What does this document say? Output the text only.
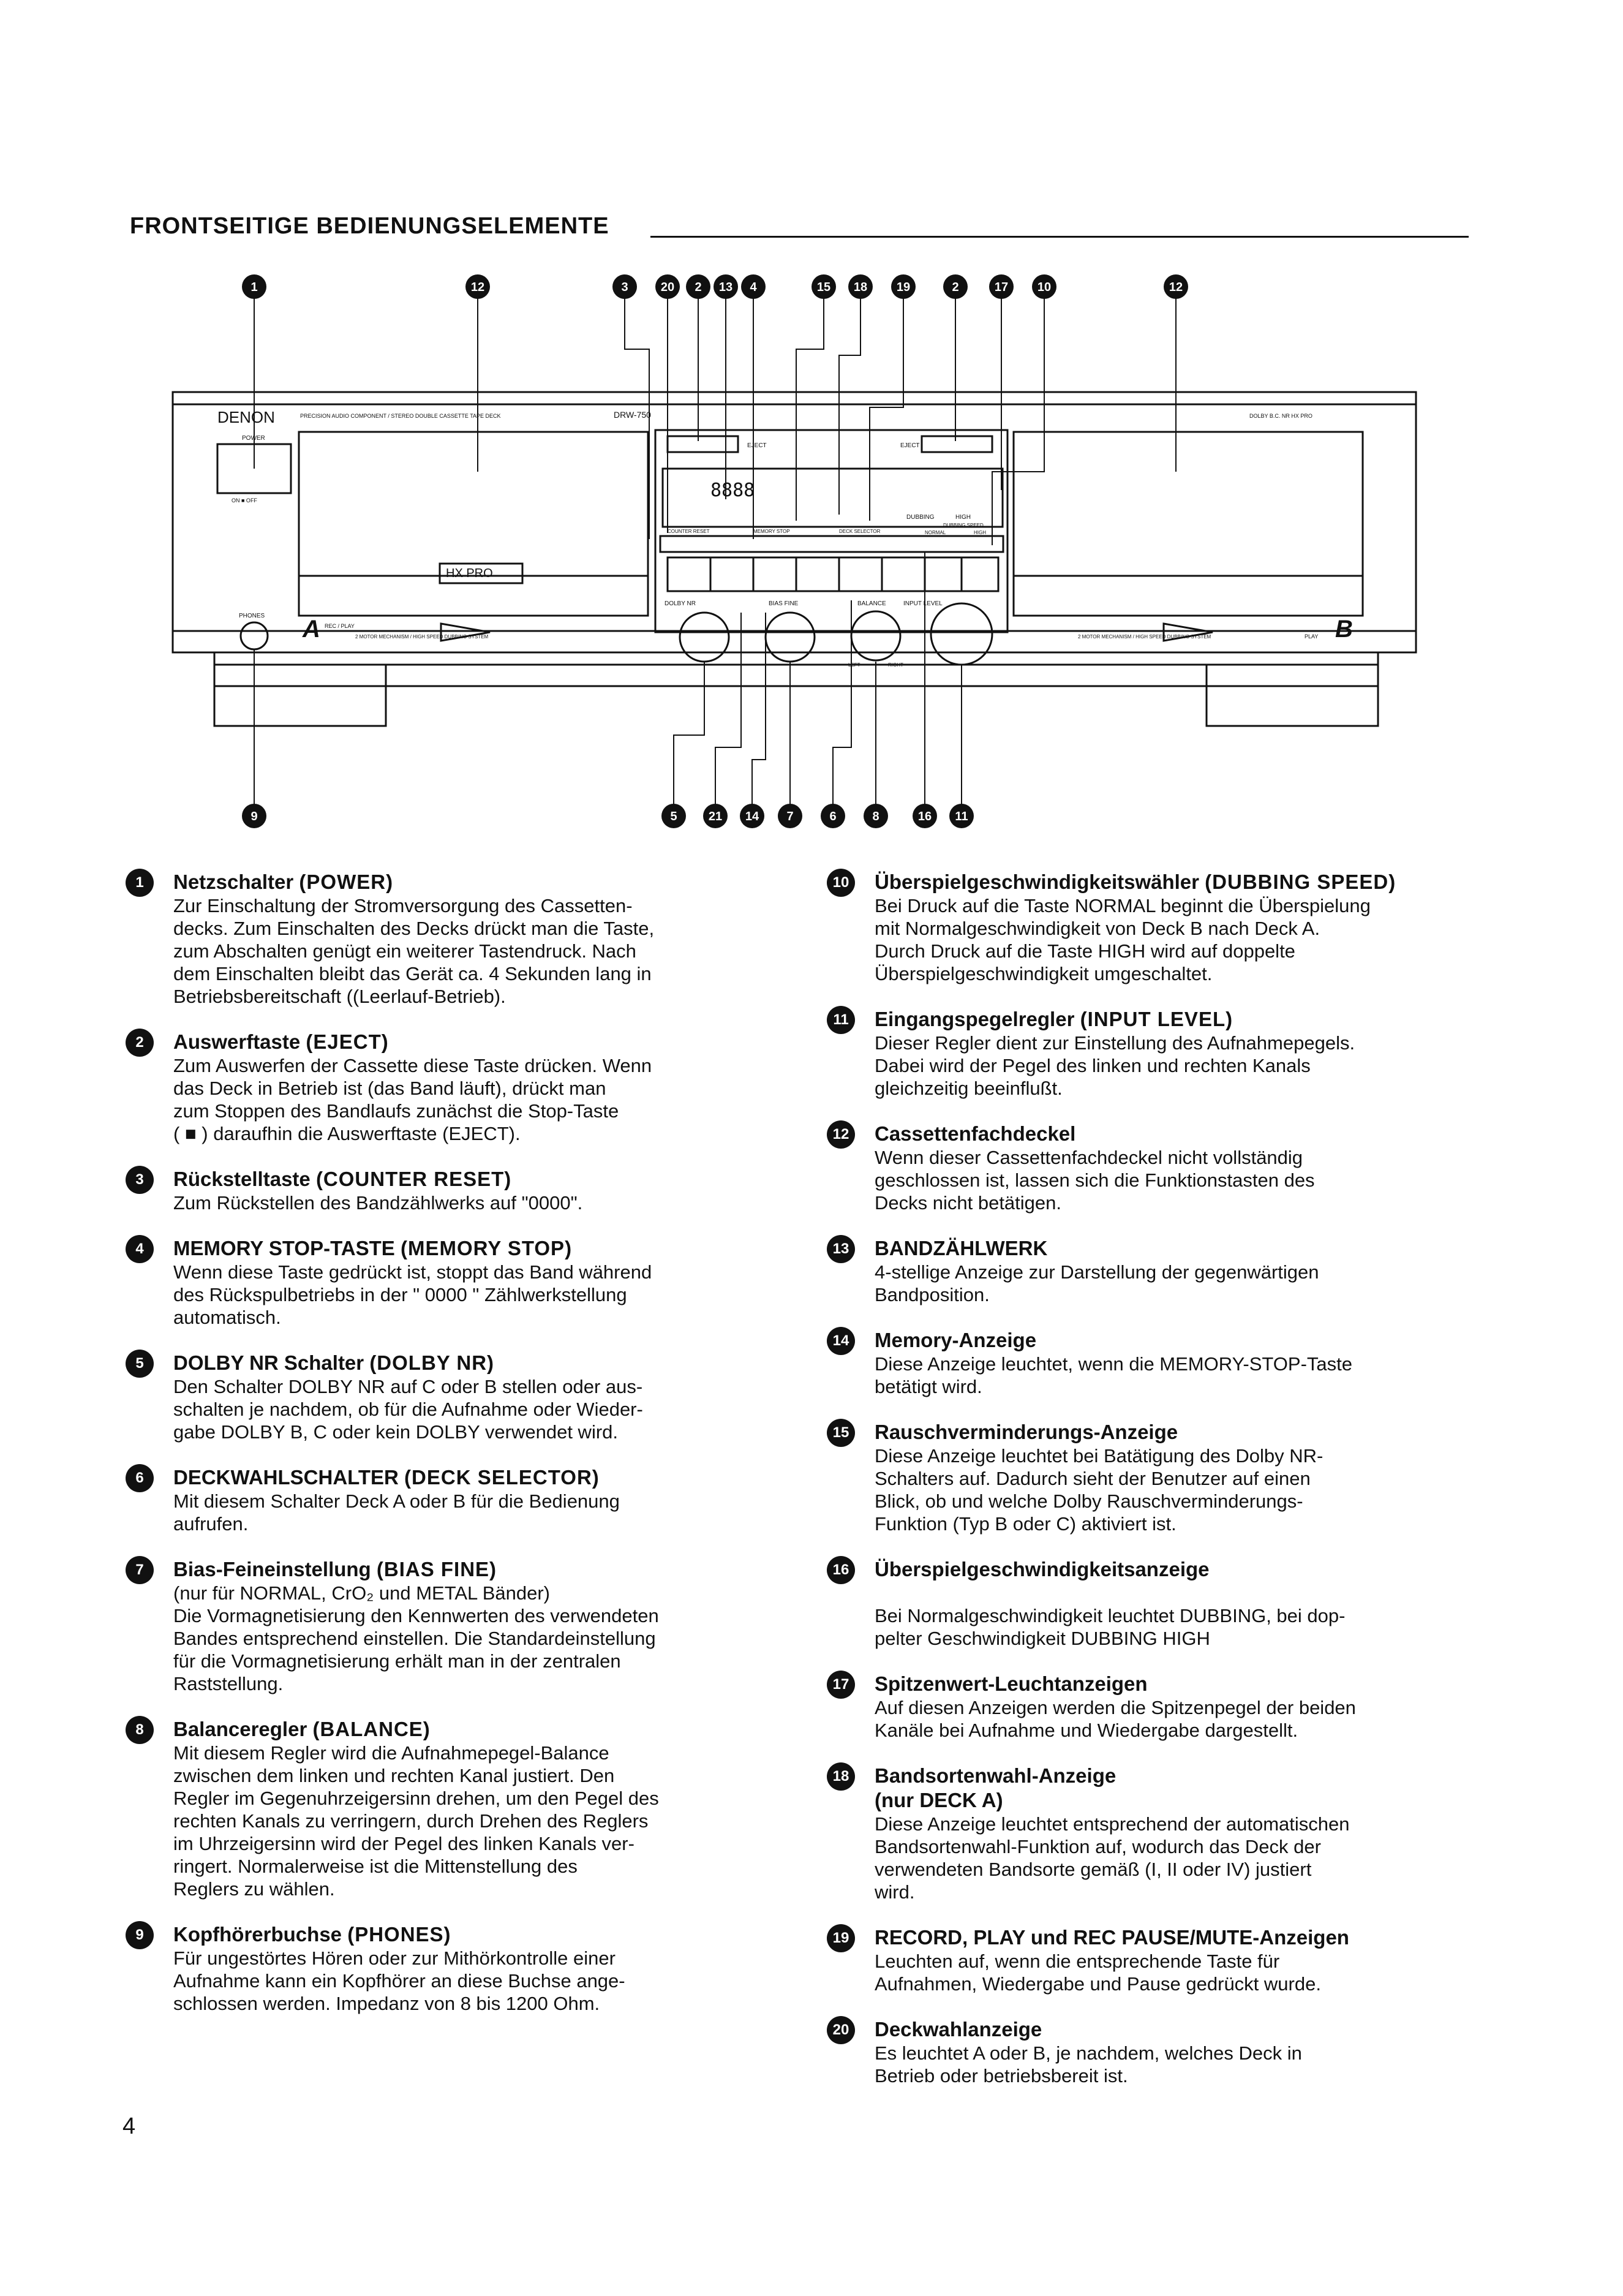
FRONTSEITIGE BEDIENUNGSELEMENTE
1	12	3	20 2 13 4	15 18 19	2	17 10	12
9	5	21 14 7	6	8	16 11
DENON	PRECISION AUDIO COMPONENT / STEREO DOUBLE CASSETTE TAPE DECK	DRW-750	DOLBY B.C. NR HX PRO
POWER
ON ■ OFF
PHONES
HX PRO
A REC / PLAY
2 MOTOR MECHANISM / HIGH SPEED DUBBING SYSTEM	B
PLAY
2 MOTOR MECHANISM / HIGH SPEED DUBBING SYSTEM
EJECT	EJECT
8888
DUBBING	HIGH
COUNTER RESET	MEMORY STOP	DECK SELECTOR
DUBBING SPEED
NORMAL	HIGH
DOLBY NR	BIAS FINE	BALANCE	INPUT LEVEL
LEFT	RIGHT
1	Netzschalter (POWER)
Zur Einschaltung der Stromversorgung des Cassetten-
decks. Zum Einschalten des Decks drückt man die Taste,
zum Abschalten genügt ein weiterer Tastendruck. Nach
dem Einschalten bleibt das Gerät ca. 4 Sekunden lang in
Betriebsbereitschaft ((Leerlauf-Betrieb).
2	Auswerftaste (EJECT)
Zum Auswerfen der Cassette diese Taste drücken. Wenn
das Deck in Betrieb ist (das Band läuft), drückt man
zum Stoppen des Bandlaufs zunächst die Stop-Taste
( ■ ) daraufhin die Auswerftaste (EJECT).
3	Rückstelltaste (COUNTER RESET)
Zum Rückstellen des Bandzählwerks auf "0000".
4	MEMORY STOP-TASTE (MEMORY STOP)
Wenn diese Taste gedrückt ist, stoppt das Band während
des Rückspulbetriebs in der " 0000 " Zählwerkstellung
automatisch.
5	DOLBY NR Schalter (DOLBY NR)
Den Schalter DOLBY NR auf C oder B stellen oder aus-
schalten je nachdem, ob für die Aufnahme oder Wieder-
gabe DOLBY B, C oder kein DOLBY verwendet wird.
6	DECKWAHLSCHALTER (DECK SELECTOR)
Mit diesem Schalter Deck A oder B für die Bedienung
aufrufen.
7	Bias-Feineinstellung (BIAS FINE)
(nur für NORMAL, CrO₂ und METAL Bänder)
Die Vormagnetisierung den Kennwerten des verwendeten
Bandes entsprechend einstellen. Die Standardeinstellung
für die Vormagnetisierung erhält man in der zentralen
Raststellung.
8	Balanceregler (BALANCE)
Mit diesem Regler wird die Aufnahmepegel-Balance
zwischen dem linken und rechten Kanal justiert. Den
Regler im Gegenuhrzeigersinn drehen, um den Pegel des
rechten Kanals zu verringern, durch Drehen des Reglers
im Uhrzeigersinn wird der Pegel des linken Kanals ver-
ringert. Normalerweise ist die Mittenstellung des
Reglers zu wählen.
9	Kopfhörerbuchse (PHONES)
Für ungestörtes Hören oder zur Mithörkontrolle einer
Aufnahme kann ein Kopfhörer an diese Buchse ange-
schlossen werden. Impedanz von 8 bis 1200 Ohm.
10 Überspielgeschwindigkeitswähler (DUBBING SPEED)
Bei Druck auf die Taste NORMAL beginnt die Überspielung
mit Normalgeschwindigkeit von Deck B nach Deck A.
Durch Druck auf die Taste HIGH wird auf doppelte
Überspielgeschwindigkeit umgeschaltet.
11	Eingangspegelregler (INPUT LEVEL)
Dieser Regler dient zur Einstellung des Aufnahmepegels.
Dabei wird der Pegel des linken und rechten Kanals
gleichzeitig beeinflußt.
12 Cassettenfachdeckel
Wenn dieser Cassettenfachdeckel nicht vollständig
geschlossen ist, lassen sich die Funktionstasten des
Decks nicht betätigen.
13 BANDZÄHLWERK
4-stellige Anzeige zur Darstellung der gegenwärtigen
Bandposition.
14 Memory-Anzeige
Diese Anzeige leuchtet, wenn die MEMORY-STOP-Taste
betätigt wird.
15 Rauschverminderungs-Anzeige
Diese Anzeige leuchtet bei Batätigung des Dolby NR-
Schalters auf. Dadurch sieht der Benutzer auf einen
Blick, ob und welche Dolby Rauschverminderungs-
Funktion (Typ B oder C) aktiviert ist.
16 Überspielgeschwindigkeitsanzeige
Bei Normalgeschwindigkeit leuchtet DUBBING, bei dop-
pelter Geschwindigkeit DUBBING HIGH
17 Spitzenwert-Leuchtanzeigen
Auf diesen Anzeigen werden die Spitzenpegel der beiden
Kanäle bei Aufnahme und Wiedergabe dargestellt.
18 Bandsortenwahl-Anzeige
(nur DECK A)
Diese Anzeige leuchtet entsprechend der automatischen
Bandsortenwahl-Funktion auf, wodurch das Deck der
verwendeten Bandsorte gemäß (I, II oder IV) justiert
wird.
19 RECORD, PLAY und REC PAUSE/MUTE-Anzeigen
Leuchten auf, wenn die entsprechende Taste für
Aufnahmen, Wiedergabe und Pause gedrückt wurde.
20 Deckwahlanzeige
Es leuchtet A oder B, je nachdem, welches Deck in
Betrieb oder betriebsbereit ist.
4
